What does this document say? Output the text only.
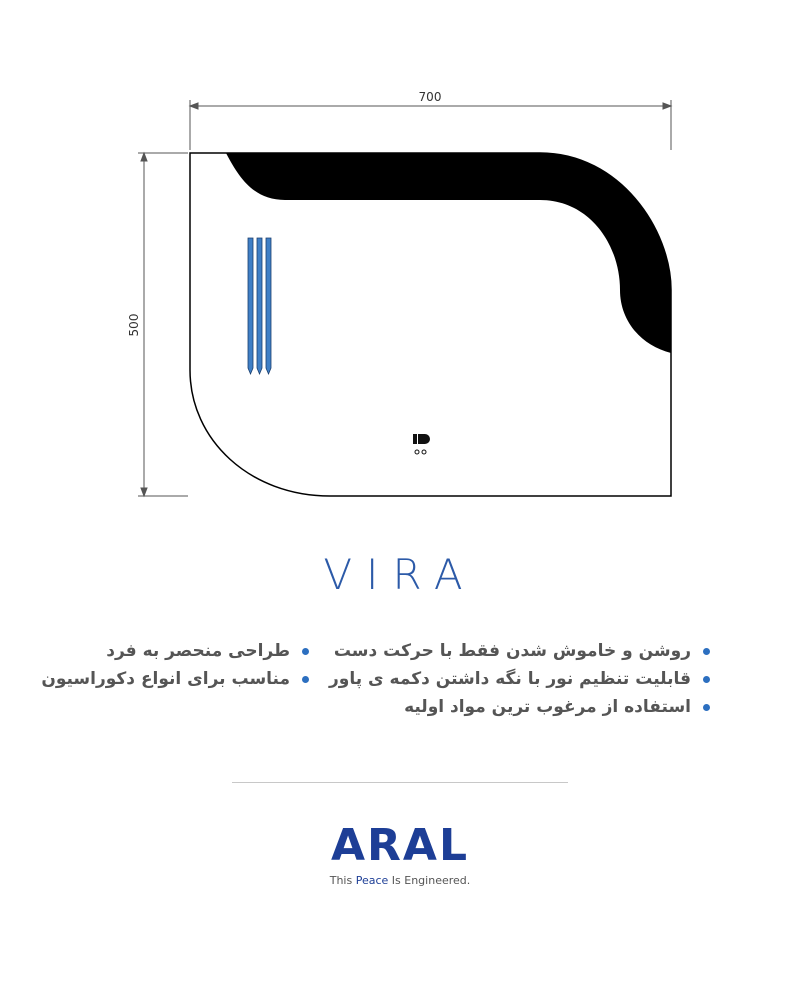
700
500
VIRA
روشن و خاموش شدن فقط با حرکت دست
قابلیت تنظیم نور با نگه داشتن دکمه ی پاور
استفاده از مرغوب ترین مواد اولیه
طراحی منحصر به فرد
مناسب برای انواع دکوراسیون
ARAL
This Peace Is Engineered.
